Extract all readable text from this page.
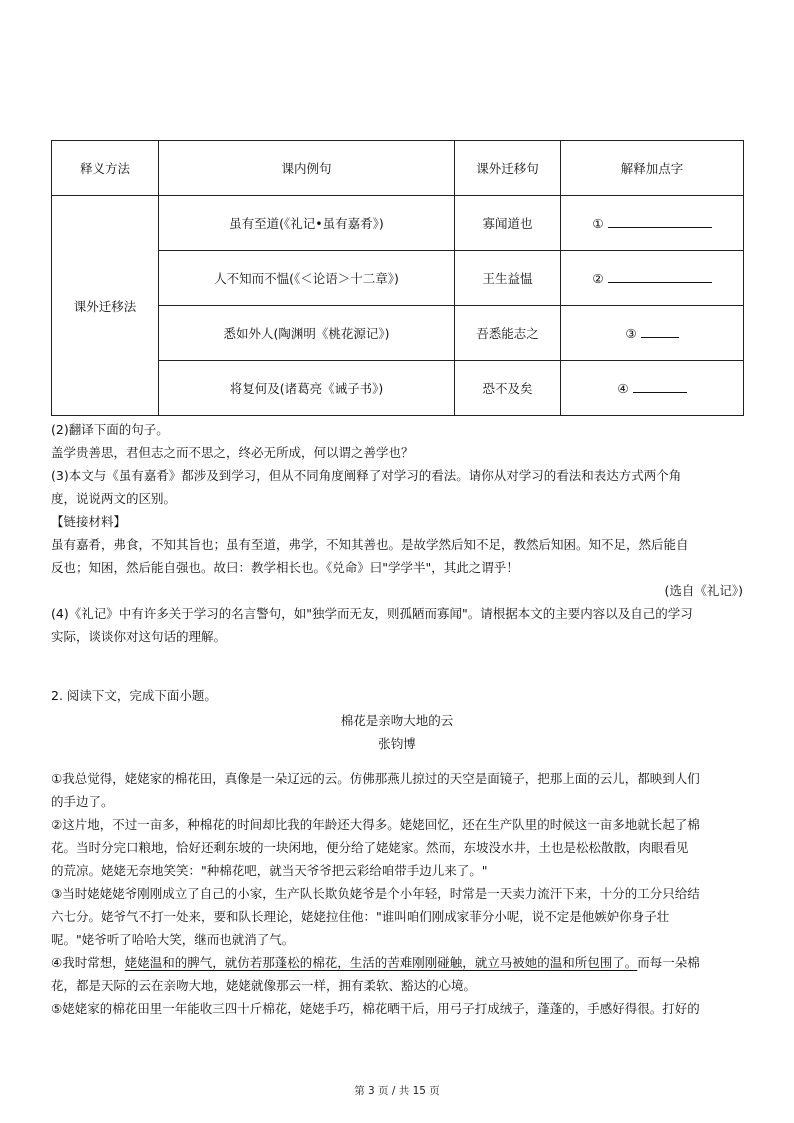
释义方法	课内例句	课外迁移句	解释加点字
课外迁移法	虽有至道(《礼记•虽有嘉肴》)	寡闻道也	①
	人不知而不愠(《＜论语＞十二章》)	王生益愠	②
	悉如外人(陶渊明《桃花源记》)	吾悉能志之	③
	将复何及(诸葛亮《诫子书》)	恐不及矣	④
(2)翻译下面的句子。
盖学贵善思，君但志之而不思之，终必无所成，何以谓之善学也？
(3)本文与《虽有嘉肴》都涉及到学习，但从不同角度阐释了对学习的看法。请你从对学习的看法和表达方式两个角
度，说说两文的区别。
【链接材料】
虽有嘉肴，弗食，不知其旨也；虽有至道，弗学，不知其善也。是故学然后知不足，教然后知困。知不足，然后能自
反也；知困，然后能自强也。故曰：教学相长也。《兑命》曰"学学半"，其此之谓乎！
(选自《礼记》)
(4)《礼记》中有许多关于学习的名言警句，如"独学而无友，则孤陋而寡闻"。请根据本文的主要内容以及自己的学习
实际，谈谈你对这句话的理解。
2. 阅读下文，完成下面小题。
棉花是亲吻大地的云
张钧博
①我总觉得，姥姥家的棉花田，真像是一朵辽远的云。仿佛那燕儿掠过的天空是面镜子，把那上面的云儿，都映到人们
的手边了。
②这片地，不过一亩多，种棉花的时间却比我的年龄还大得多。姥姥回忆，还在生产队里的时候这一亩多地就长起了棉
花。当时分完口粮地，恰好还剩东坡的一块闲地，便分给了姥姥家。然而，东坡没水井，土也是松松散散，肉眼看见
的荒凉。姥姥无奈地笑笑："种棉花吧，就当天爷爷把云彩给咱带手边儿来了。"
③当时姥姥姥爷刚刚成立了自己的小家，生产队长欺负姥爷是个小年轻，时常是一天卖力流汗下来，十分的工分只给结
六七分。姥爷气不打一处来，要和队长理论，姥姥拉住他："谁叫咱们刚成家菲分小呢，说不定是他嫉妒你身子壮
呢。"姥爷听了哈哈大笑，继而也就消了气。
④我时常想，姥姥温和的脾气，就仿若那蓬松的棉花，生活的苦难刚刚碰触，就立马被她的温和所包围了。而每一朵棉
花，都是天际的云在亲吻大地，姥姥就像那云一样，拥有柔软、豁达的心境。
⑤姥姥家的棉花田里一年能收三四十斤棉花，姥姥手巧，棉花晒干后，用弓子打成绒子，蓬蓬的，手感好得很。打好的
第 3 页 / 共 15 页
